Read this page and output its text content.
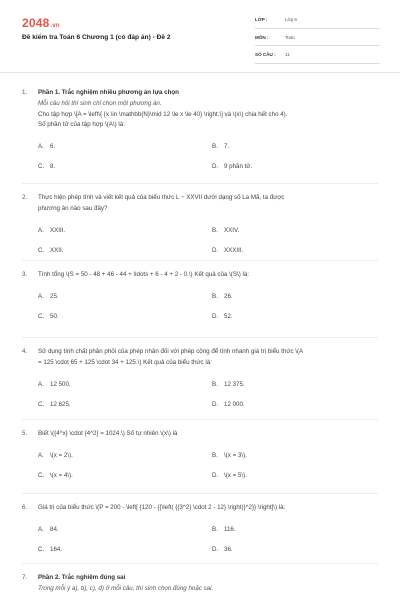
2048.vn
Đề kiểm tra Toán 6 Chương 1 (có đáp án) - Đề 2
LỚP :	Lớp 6
MÔN :	Toán
SỐ CÂU : 11
1. Phần 1. Trắc nghiệm nhiều phương án lựa chọn
Mỗi câu hỏi thí sinh chỉ chọn một phương án.
Cho tập hợp \[A = \left\{ {x \in \mathbb{N}\mid 12 \le x \le 40} \right.\] và \(x\) chia hết cho 4).
Số phần tử của tập hợp \(A\) là:
A. 6.	B. 7.
C. 8.	D. 9 phần tử.
2. Thực hiện phép tính và viết kết quả của biểu thức L − XXVII dưới dạng số La Mã, ta được
phương án nào sau đây?
A. XXIII.	B. XXIV.
C. XXII.	D. XXXIII.
3. Tính tổng \(S = 50 - 48 + 46 - 44 + \ldots + 6 - 4 + 2 - 0.\) Kết quả của \(S\) là:
A. 25.	B. 26.
C. 50.	D. 52.
4. Sử dụng tính chất phân phối của phép nhân đối với phép cộng để tính nhanh giá trị biểu thức \(A
= 125 \cdot 65 + 125 \cdot 34 + 125.\) Kết quả của biểu thức là:
A. 12 500.	B. 12 375.
C. 12 625.	D. 12 000.
5. Biết \({4^x} \cdot {4^2} = 1024.\) Số tự nhiên \(x\) là
A. \(x = 2\).	B. \(x = 3\).
C. \(x = 4\).	D. \(x = 5\).
6. Giá trị của biểu thức \(P = 200 - \left[ {120 - {{\left( {{3^2} \cdot 2 - 12} \right)}^2}} \right]\) là:
A. 84.	B. 116.
C. 164.	D. 36.
7. Phần 2. Trắc nghiệm đúng sai
Trong mỗi ý a), b), c), d) ở mỗi câu, thí sinh chọn đúng hoặc sai.
